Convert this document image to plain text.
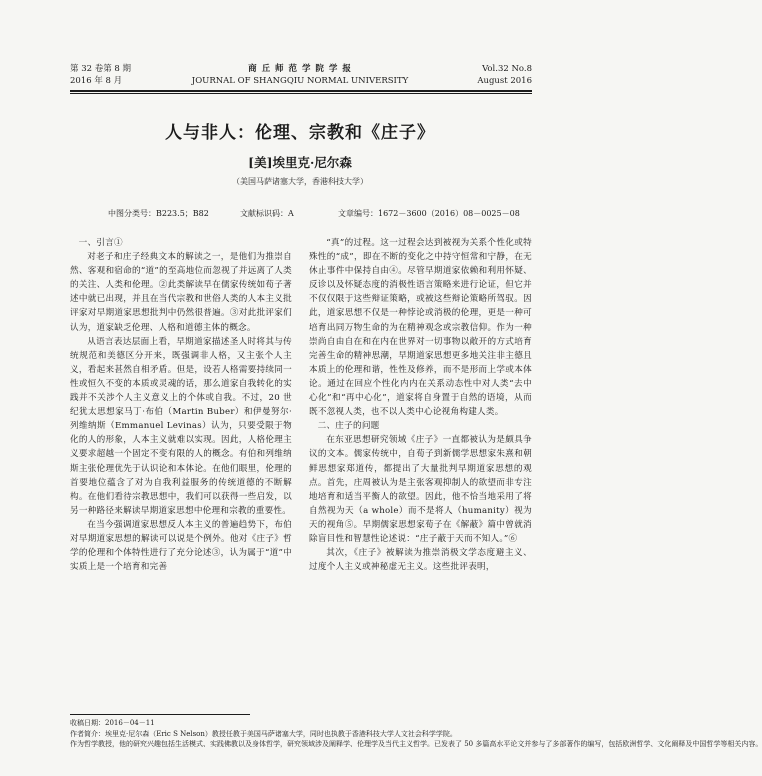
第 32 卷第 8 期
2016 年 8 月
商 丘 师 范 学 院 学 报
JOURNAL OF SHANGQIU NORMAL UNIVERSITY
Vol.32 No.8
August 2016
人与非人：伦理、宗教和《庄子》
[美]埃里克·尼尔森
（美国马萨诸塞大学，香港科技大学）
中图分类号：B223.5；B82	文献标识码：A	文章编号：1672－3600（2016）08－0025－08
一、引言①

对老子和庄子经典文本的解读之一，是他们为推崇自然、客观和宿命的“道”的至高地位而忽视了并远离了人类的关注、人类和伦理。②此类解读早在儒家传统如荀子著述中就已出现，并且在当代宗教和世俗人类的人本主义批评家对早期道家思想批判中仍然很普遍。③对此批评家们认为，道家缺乏伦理、人格和道德主体的概念。

从语言表达层面上看，早期道家描述圣人时将其与传统规范和美德区分开来，既强调非人格，又主张个人主义，看起来甚然自相矛盾。但是，设若人格需要持续同一性或恒久不变的本质或灵魂的话，那么道家自我转化的实践并不关涉个人主义意义上的个体或自我。不过，20 世纪犹太思想家马丁·布伯（Martin Buber）和伊曼努尔·列维纳斯（Emmanuel Levinas）认为，只要受限于物化的人的形象，人本主义就难以实现。因此，人格伦理主义要求超越一个固定不变有限的人的概念。有伯和列维纳斯主张伦理优先于认识论和本体论。在他们眼里，伦理的首要地位蕴含了对为自我利益服务的传统道德的不断解构。在他们看待宗教思想中，我们可以获得一些启发，以另一种路径来解读早期道家思想中伦理和宗教的重要性。

在当今强调道家思想反人本主义的普遍趋势下，布伯对早期道家思想的解读可以说是个例外。他对《庄子》哲学的伦理和个体特性进行了充分论述③，认为属于“道”中实质上是一个培育和完善

“真”的过程。这一过程会达到被视为关系个性化或特殊性的“成”，即在不断的变化之中持守恒常和宁静，在无休止事件中保持自由④。尽管早期道家依赖和利用怀疑、反诊以及怀疑态度的消极性语言策略来进行论证，但它并不仅仅限于这些辩证策略，或被这些辩论策略所驾驭。因此，道家思想不仅是一种悖论或消极的伦理，更是一种可培育出同万物生命的为在精神观念或宗教信仰。作为一种崇尚自由自在和在内在世界对一切事物以敞开的方式培育完善生命的精神思潮，早期道家思想更多地关注非主德且本质上的伦理和谐，性性及修养，而不是形而上学或本体论。通过在回应个性化内内在关系动态性中对人类“去中心化”和“再中心化”，道家将自身置于自然的语境，从而既不忽视人类，也不以人类中心论视角构建人类。

二、庄子的问题

在东亚思想研究领域《庄子》一直都被认为是颇具争议的文本。儒家传统中，自荀子到新儒学思想家朱熹和朝鲜思想家郑道传，都提出了大量批判早期道家思想的观点。首先，庄周被认为是主张客观抑制人的欲望而非专注地培育和适当平衡人的欲望。因此，他不恰当地采用了将自然视为天（a whole）而不是将人（humanity）视为天的视角⑤。早期儒家思想家荀子在《解蔽》篇中曾就消除盲目性和智慧性论述说：“庄子蔽于天而不知人。”⑥

其次，《庄子》被解读为推崇消极文学态度避主义、过度个人主义或神秘虚无主义。这些批评表明，

收稿日期：2016－04－11
作者简介：埃里克·尼尔森（Eric S Nelson）教授任教于美国马萨诸塞大学，同时也执教于香港科技大学人文社会科学学院。
作为哲学教授，他的研究兴趣包括生活模式、实践佛教以及身体哲学，研究领域涉及阐释学、伦理学及当代主义哲学。已发表了 50 多篇高水平论文并参与了多部著作的编写，包括欧洲哲学、文化阐释及中国哲学等相关内容。
